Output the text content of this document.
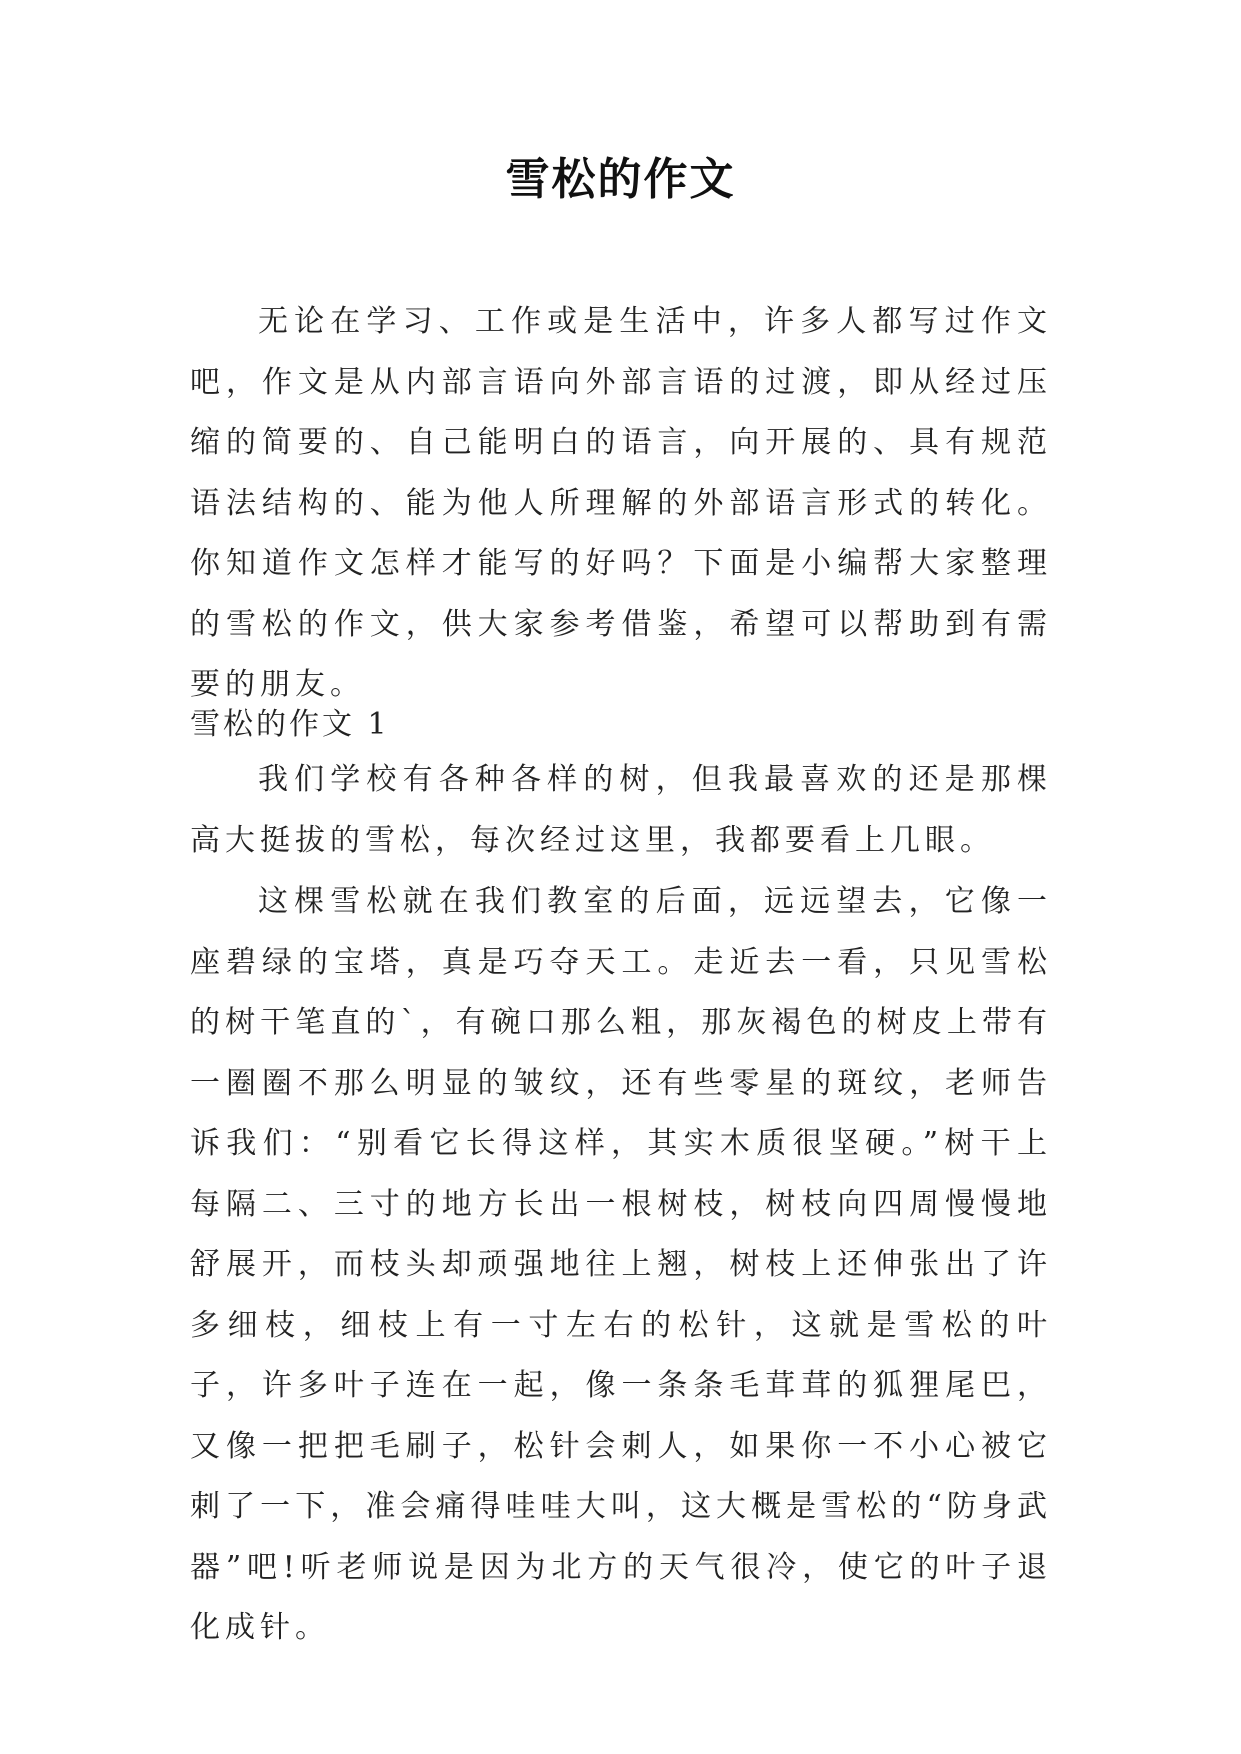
雪松的作文

无论在学习、工作或是生活中，许多人都写过作文吧，作文是从内部言语向外部言语的过渡，即从经过压缩的简要的、自己能明白的语言，向开展的、具有规范语法结构的、能为他人所理解的外部语言形式的转化。你知道作文怎样才能写的好吗？下面是小编帮大家整理的雪松的作文，供大家参考借鉴，希望可以帮助到有需要的朋友。

雪松的作文 1

我们学校有各种各样的树，但我最喜欢的还是那棵高大挺拔的雪松，每次经过这里，我都要看上几眼。

这棵雪松就在我们教室的后面，远远望去，它像一座碧绿的宝塔，真是巧夺天工。走近去一看，只见雪松的树干笔直的`，有碗口那么粗，那灰褐色的树皮上带有一圈圈不那么明显的皱纹，还有些零星的斑纹，老师告诉我们：“别看它长得这样，其实木质很坚硬。”树干上每隔二、三寸的地方长出一根树枝，树枝向四周慢慢地舒展开，而枝头却顽强地往上翘，树枝上还伸张出了许多细枝，细枝上有一寸左右的松针，这就是雪松的叶子，许多叶子连在一起，像一条条毛茸茸的狐狸尾巴，又像一把把毛刷子，松针会刺人，如果你一不小心被它刺了一下，准会痛得哇哇大叫，这大概是雪松的“防身武器”吧!听老师说是因为北方的天气很冷，使它的叶子退化成针。
